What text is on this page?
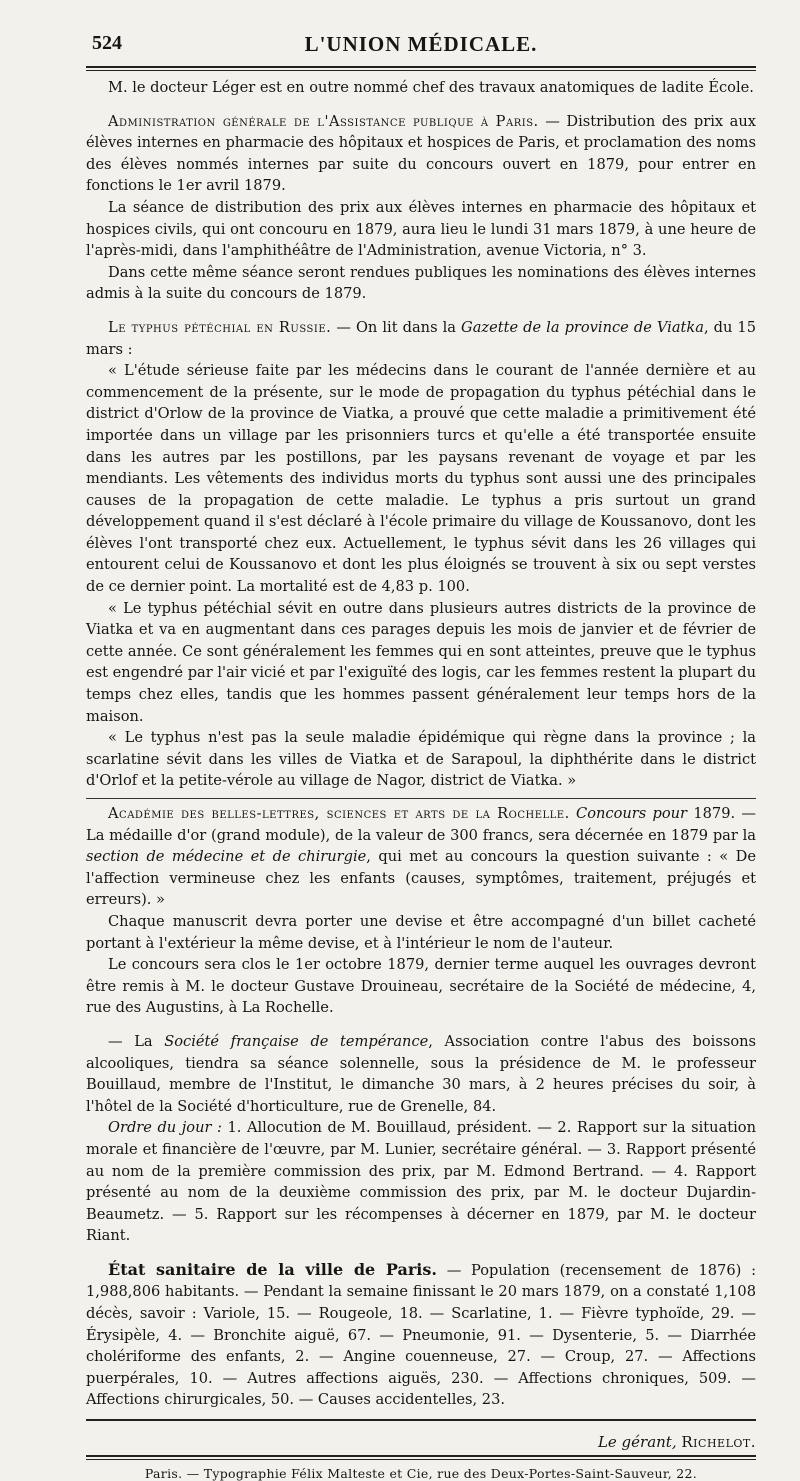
524	L'UNION MÉDICALE.

M. le docteur Léger est en outre nommé chef des travaux anatomiques de ladite École.

Administration générale de l'Assistance publique à Paris. — Distribution des prix aux élèves internes en pharmacie des hôpitaux et hospices de Paris, et proclamation des noms des élèves nommés internes par suite du concours ouvert en 1879, pour entrer en fonctions le 1er avril 1879.

La séance de distribution des prix aux élèves internes en pharmacie des hôpitaux et hospices civils, qui ont concouru en 1879, aura lieu le lundi 31 mars 1879, à une heure de l'après-midi, dans l'amphithéâtre de l'Administration, avenue Victoria, n° 3.

Dans cette même séance seront rendues publiques les nominations des élèves internes admis à la suite du concours de 1879.

Le typhus pétéchial en Russie. — On lit dans la Gazette de la province de Viatka, du 15 mars :

« L'étude sérieuse faite par les médecins dans le courant de l'année dernière et au commencement de la présente, sur le mode de propagation du typhus pétéchial dans le district d'Orlow de la province de Viatka, a prouvé que cette maladie a primitivement été importée dans un village par les prisonniers turcs et qu'elle a été transportée ensuite dans les autres par les postillons, par les paysans revenant de voyage et par les mendiants. Les vêtements des individus morts du typhus sont aussi une des principales causes de la propagation de cette maladie. Le typhus a pris surtout un grand développement quand il s'est déclaré à l'école primaire du village de Koussanovo, dont les élèves l'ont transporté chez eux. Actuellement, le typhus sévit dans les 26 villages qui entourent celui de Koussanovo et dont les plus éloignés se trouvent à six ou sept verstes de ce dernier point. La mortalité est de 4,83 p. 100.

« Le typhus pétéchial sévit en outre dans plusieurs autres districts de la province de Viatka et va en augmentant dans ces parages depuis les mois de janvier et de février de cette année. Ce sont généralement les femmes qui en sont atteintes, preuve que le typhus est engendré par l'air vicié et par l'exiguïté des logis, car les femmes restent la plupart du temps chez elles, tandis que les hommes passent généralement leur temps hors de la maison.

« Le typhus n'est pas la seule maladie épidémique qui règne dans la province ; la scarlatine sévit dans les villes de Viatka et de Sarapoul, la diphthérite dans le district d'Orlof et la petite-vérole au village de Nagor, district de Viatka. »

Académie des belles-lettres, sciences et arts de la Rochelle. Concours pour 1879. — La médaille d'or (grand module), de la valeur de 300 francs, sera décernée en 1879 par la section de médecine et de chirurgie, qui met au concours la question suivante : « De l'affection vermineuse chez les enfants (causes, symptômes, traitement, préjugés et erreurs). »

Chaque manuscrit devra porter une devise et être accompagné d'un billet cacheté portant à l'extérieur la même devise, et à l'intérieur le nom de l'auteur.

Le concours sera clos le 1er octobre 1879, dernier terme auquel les ouvrages devront être remis à M. le docteur Gustave Drouineau, secrétaire de la Société de médecine, 4, rue des Augustins, à La Rochelle.

— La Société française de tempérance, Association contre l'abus des boissons alcooliques, tiendra sa séance solennelle, sous la présidence de M. le professeur Bouillaud, membre de l'Institut, le dimanche 30 mars, à 2 heures précises du soir, à l'hôtel de la Société d'horticulture, rue de Grenelle, 84.

Ordre du jour : 1. Allocution de M. Bouillaud, président. — 2. Rapport sur la situation morale et financière de l'œuvre, par M. Lunier, secrétaire général. — 3. Rapport présenté au nom de la première commission des prix, par M. Edmond Bertrand. — 4. Rapport présenté au nom de la deuxième commission des prix, par M. le docteur Dujardin-Beaumetz. — 5. Rapport sur les récompenses à décerner en 1879, par M. le docteur Riant.

État sanitaire de la ville de Paris. — Population (recensement de 1876) : 1,988,806 habitants. — Pendant la semaine finissant le 20 mars 1879, on a constaté 1,108 décès, savoir : Variole, 15. — Rougeole, 18. — Scarlatine, 1. — Fièvre typhoïde, 29. — Érysipèle, 4. — Bronchite aiguë, 67. — Pneumonie, 91. — Dysenterie, 5. — Diarrhée cholériforme des enfants, 2. — Angine couenneuse, 27. — Croup, 27. — Affections puerpérales, 10. — Autres affections aiguës, 230. — Affections chroniques, 509. — Affections chirurgicales, 50. — Causes accidentelles, 23.

Le gérant, Richelot.
Paris. — Typographie Félix Malteste et Cie, rue des Deux-Portes-Saint-Sauveur, 22.
